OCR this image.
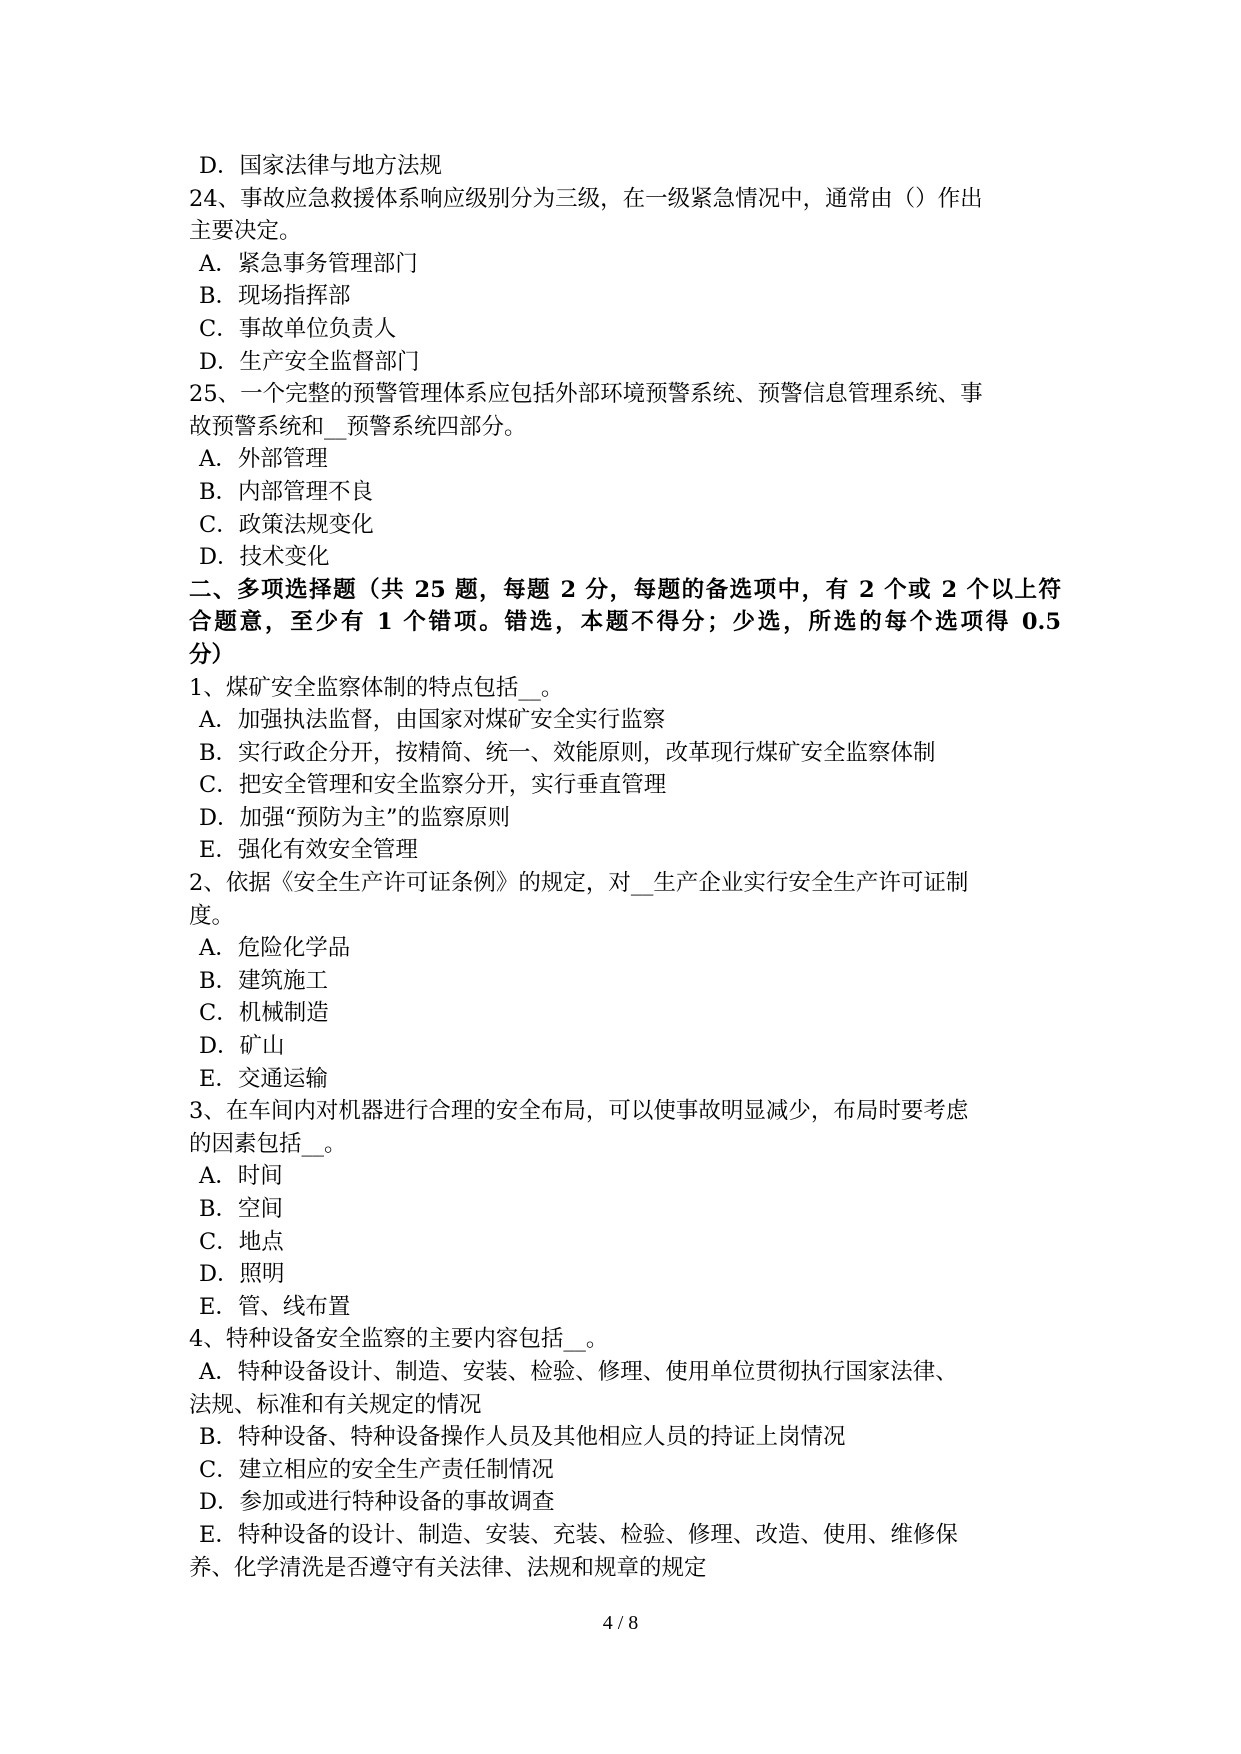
D．国家法律与地方法规
24、事故应急救援体系响应级别分为三级，在一级紧急情况中，通常由（）作出
主要决定。
A．紧急事务管理部门
B．现场指挥部
C．事故单位负责人
D．生产安全监督部门
25、一个完整的预警管理体系应包括外部环境预警系统、预警信息管理系统、事
故预警系统和__预警系统四部分。
A．外部管理
B．内部管理不良
C．政策法规变化
D．技术变化
二、多项选择题（共 25 题，每题 2 分，每题的备选项中，有 2 个或 2 个以上符
合题意，至少有 1 个错项。错选，本题不得分；少选，所选的每个选项得 0.5
分）
1、煤矿安全监察体制的特点包括__。
A．加强执法监督，由国家对煤矿安全实行监察
B．实行政企分开，按精简、统一、效能原则，改革现行煤矿安全监察体制
C．把安全管理和安全监察分开，实行垂直管理
D．加强“预防为主”的监察原则
E．强化有效安全管理
2、依据《安全生产许可证条例》的规定，对__生产企业实行安全生产许可证制
度。
A．危险化学品
B．建筑施工
C．机械制造
D．矿山
E．交通运输
3、在车间内对机器进行合理的安全布局，可以使事故明显减少，布局时要考虑
的因素包括__。
A．时间
B．空间
C．地点
D．照明
E．管、线布置
4、特种设备安全监察的主要内容包括__。
A．特种设备设计、制造、安装、检验、修理、使用单位贯彻执行国家法律、
法规、标准和有关规定的情况
B．特种设备、特种设备操作人员及其他相应人员的持证上岗情况
C．建立相应的安全生产责任制情况
D．参加或进行特种设备的事故调查
E．特种设备的设计、制造、安装、充装、检验、修理、改造、使用、维修保
养、化学清洗是否遵守有关法律、法规和规章的规定
4 / 8
